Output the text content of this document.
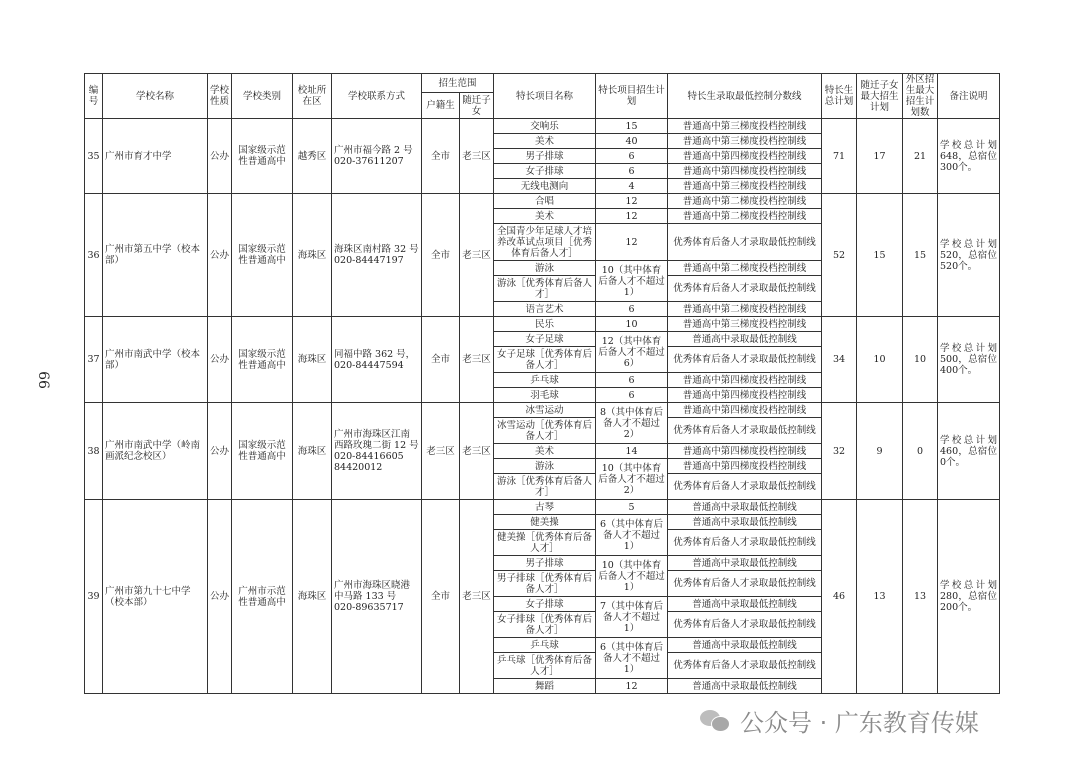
66
编号	学校名称	学校性质	学校类别	校址所在区	学校联系方式	招生范围		特长项目名称	特长项目招生计划	特长生录取最低控制分数线	特长生总计划	随迁子女最大招生计划	外区招生最大招生计划数	备注说明
						户籍生	随迁子女							
35	广州市育才中学	公办	国家级示范性普通高中	越秀区	广州市福今路 2 号 020-37611207	全市	老三区	交响乐	15	普通高中第三梯度投档控制线	71	17	21	学校总计划648，总宿位300个。
								美术	40	普通高中第三梯度投档控制线				
								男子排球	6	普通高中第四梯度投档控制线				
								女子排球	6	普通高中第四梯度投档控制线				
								无线电测向	4	普通高中第三梯度投档控制线				
36	广州市第五中学（校本部）	公办	国家级示范性普通高中	海珠区	海珠区南村路 32 号 020-84447197	全市	老三区	合唱	12	普通高中第二梯度投档控制线	52	15	15	学校总计划520，总宿位520个。
								美术	12	普通高中第二梯度投档控制线				
								全国青少年足球人才培养改革试点项目［优秀体育后备人才］	12	优秀体育后备人才录取最低控制线				
								游泳	10（其中体育后备人才不超过 1）	普通高中第二梯度投档控制线				
								游泳［优秀体育后备人才］		优秀体育后备人才录取最低控制线				
								语言艺术	6	普通高中第二梯度投档控制线				
37	广州市南武中学（校本部）	公办	国家级示范性普通高中	海珠区	同福中路 362 号，020-84447594	全市	老三区	民乐	10	普通高中第三梯度投档控制线	34	10	10	学校总计划500，总宿位400个。
								女子足球	12（其中体育后备人才不超过 6）	普通高中录取最低控制线				
								女子足球［优秀体育后备人才］		优秀体育后备人才录取最低控制线				
								乒乓球	6	普通高中第四梯度投档控制线				
								羽毛球	6	普通高中第四梯度投档控制线				
38	广州市南武中学（岭南画派纪念校区）	公办	国家级示范性普通高中	海珠区	广州市海珠区江南西路玫瑰二街 12 号 020-84416605 84420012	老三区	老三区	冰雪运动	8（其中体育后备人才不超过 2）	普通高中第四梯度投档控制线	32	9	0	学校总计划460，总宿位0个。
								冰雪运动［优秀体育后备人才］		优秀体育后备人才录取最低控制线				
								美术	14	普通高中第四梯度投档控制线				
								游泳	10（其中体育后备人才不超过 2）	普通高中第四梯度投档控制线				
								游泳［优秀体育后备人才］		优秀体育后备人才录取最低控制线				
39	广州市第九十七中学（校本部）	公办	广州市示范性普通高中	海珠区	广州市海珠区晓港中马路 133 号 020-89635717	全市	老三区	古琴	5	普通高中录取最低控制线	46	13	13	学校总计划280，总宿位200个。
								健美操	6（其中体育后备人才不超过 1）	普通高中录取最低控制线				
								健美操［优秀体育后备人才］		优秀体育后备人才录取最低控制线				
								男子排球	10（其中体育后备人才不超过 1）	普通高中录取最低控制线				
								男子排球［优秀体育后备人才］		优秀体育后备人才录取最低控制线				
								女子排球	7（其中体育后备人才不超过 1）	普通高中录取最低控制线				
								女子排球［优秀体育后备人才］		优秀体育后备人才录取最低控制线				
								乒乓球	6（其中体育后备人才不超过 1）	普通高中录取最低控制线				
								乒乓球［优秀体育后备人才］		优秀体育后备人才录取最低控制线				
								舞蹈	12	普通高中录取最低控制线				
公众号 · 广东教育传媒
